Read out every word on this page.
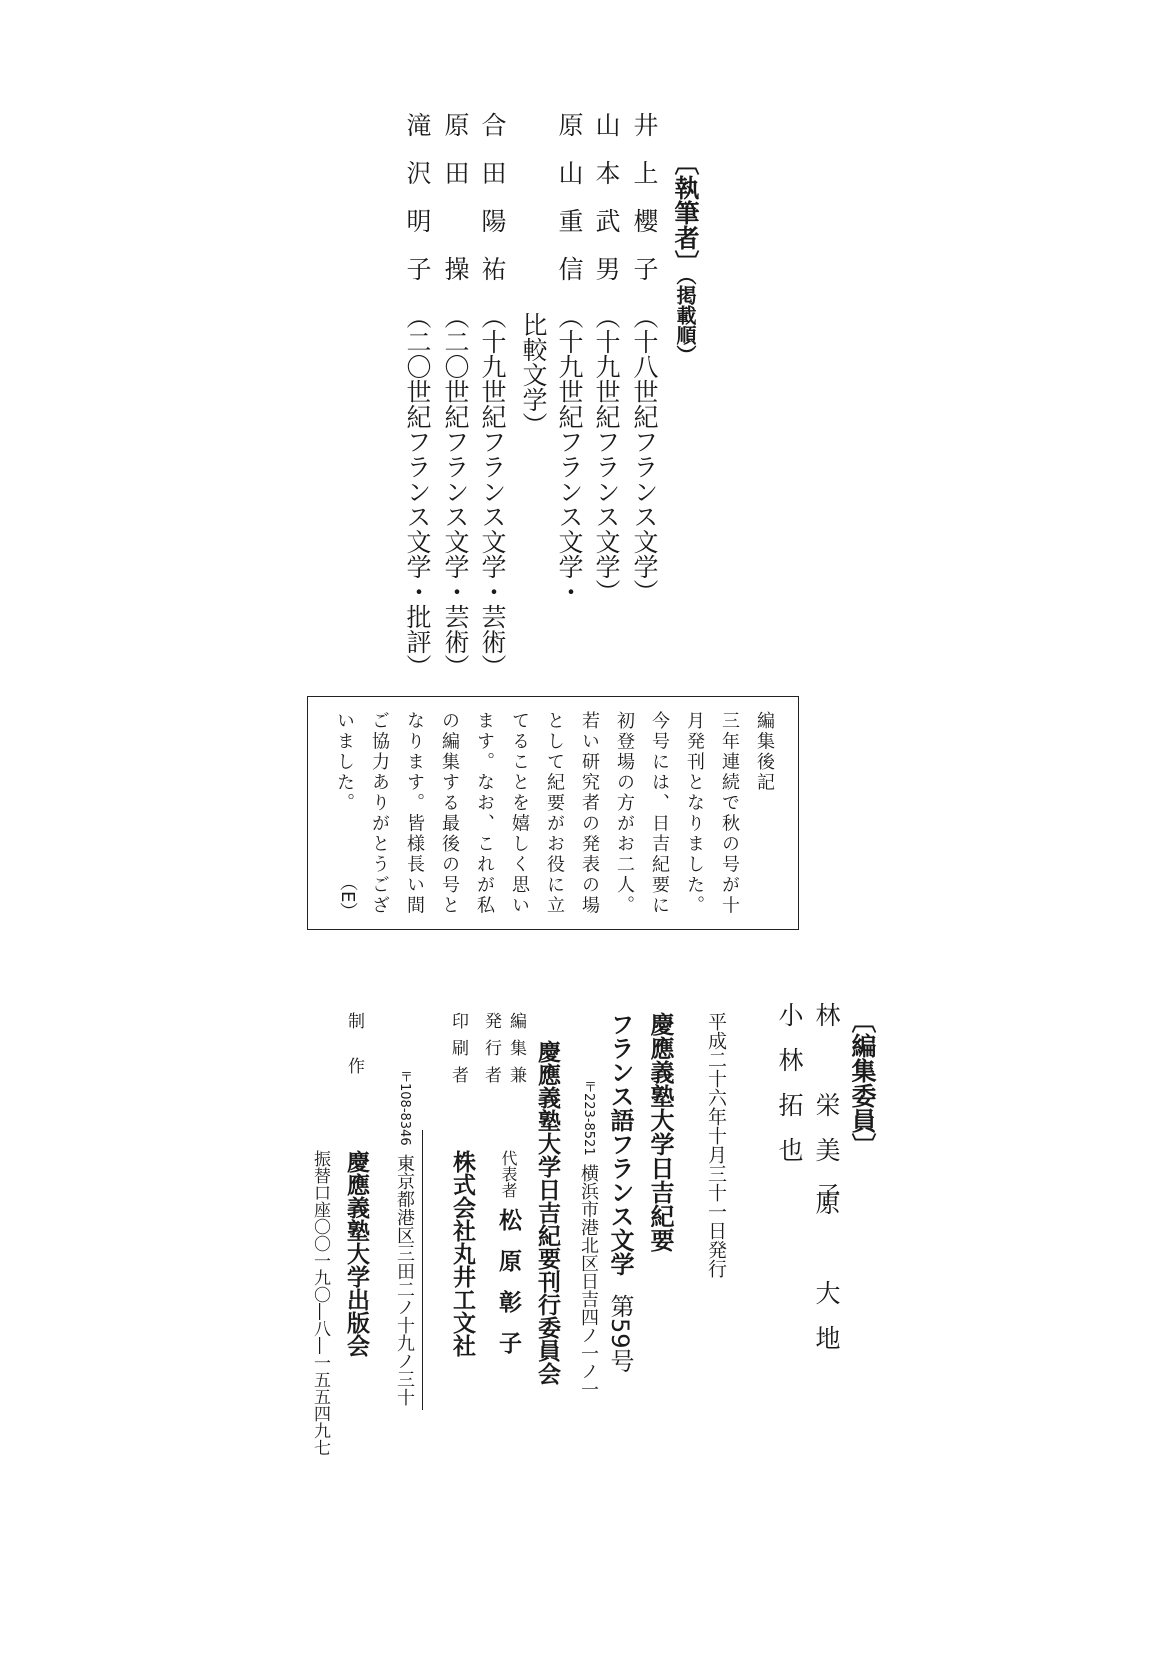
〔執筆者〕（掲載順）
井上櫻子（十八世紀フランス文学）
山本武男（十九世紀フランス文学）
原山重信（十九世紀フランス文学・
比較文学）
合田陽祐（十九世紀フランス文学・芸術）
原田　操（二〇世紀フランス文学・芸術）
滝沢明子（二〇世紀フランス文学・批評）
編集後記
三年連続で秋の号が十月発刊となりました。今号には、日吉紀要に初登場の方がお二人。若い研究者の発表の場として紀要がお役に立てることを嬉しく思います。なお、これが私の編集する最後の号となります。皆様長い間ご協力ありがとうございました。
（E）
〔編集委員〕
林　栄美子
原　大地
小林拓也
平成二十六年十月三十一日発行
慶應義塾大学日吉紀要
フランス語フランス文学第59号
〒223-8521横浜市港北区日吉四ノ一ノ一
編集兼
発行者 慶應義塾大学日吉紀要刊行委員会
代表者松原彰子
印刷者
株式会社丸井工文社
〒108-8346東京都港区三田二ノ十九ノ三十
制作
慶應義塾大学出版会
振替口座〇〇一九〇―八―一五五四九七
